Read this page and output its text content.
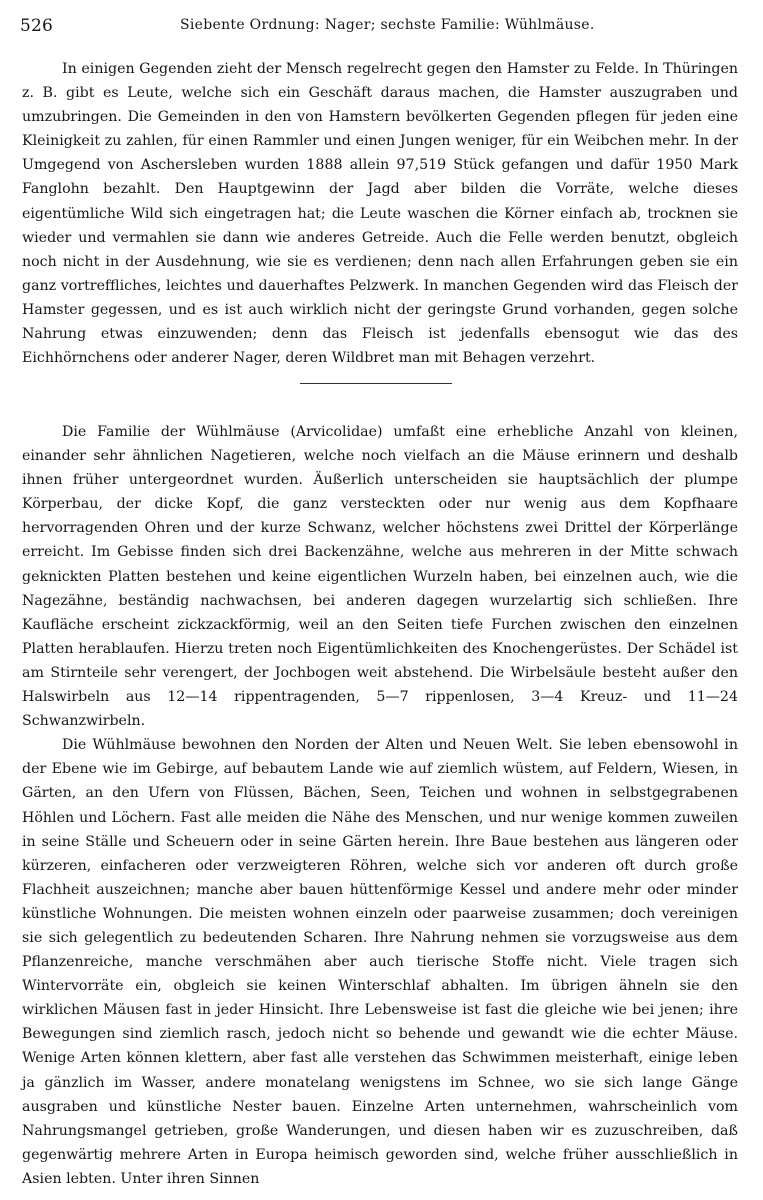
526	Siebente Ordnung: Nager; sechste Familie: Wühlmäuse.

In einigen Gegenden zieht der Mensch regelrecht gegen den Hamster zu Felde. In Thüringen z. B. gibt es Leute, welche sich ein Geschäft daraus machen, die Hamster auszugraben und umzubringen. Die Gemeinden in den von Hamstern bevölkerten Gegenden pflegen für jeden eine Kleinigkeit zu zahlen, für einen Rammler und einen Jungen weniger, für ein Weibchen mehr. In der Umgegend von Aschersleben wurden 1888 allein 97,519 Stück gefangen und dafür 1950 Mark Fanglohn bezahlt. Den Hauptgewinn der Jagd aber bilden die Vorräte, welche dieses eigentümliche Wild sich eingetragen hat; die Leute waschen die Körner einfach ab, trocknen sie wieder und vermahlen sie dann wie anderes Getreide. Auch die Felle werden benutzt, obgleich noch nicht in der Ausdehnung, wie sie es verdienen; denn nach allen Erfahrungen geben sie ein ganz vortreffliches, leichtes und dauerhaftes Pelzwerk. In manchen Gegenden wird das Fleisch der Hamster gegessen, und es ist auch wirklich nicht der geringste Grund vorhanden, gegen solche Nahrung etwas einzuwenden; denn das Fleisch ist jedenfalls ebensogut wie das des Eichhörnchens oder anderer Nager, deren Wildbret man mit Behagen verzehrt.

Die Familie der Wühlmäuse (Arvicolidae) umfaßt eine erhebliche Anzahl von kleinen, einander sehr ähnlichen Nagetieren, welche noch vielfach an die Mäuse erinnern und deshalb ihnen früher untergeordnet wurden. Äußerlich unterscheiden sie hauptsächlich der plumpe Körperbau, der dicke Kopf, die ganz versteckten oder nur wenig aus dem Kopfhaare hervorragenden Ohren und der kurze Schwanz, welcher höchstens zwei Drittel der Körperlänge erreicht. Im Gebisse finden sich drei Backenzähne, welche aus mehreren in der Mitte schwach geknickten Platten bestehen und keine eigentlichen Wurzeln haben, bei einzelnen auch, wie die Nagezähne, beständig nachwachsen, bei anderen dagegen wurzelartig sich schließen. Ihre Kaufläche erscheint zickzackförmig, weil an den Seiten tiefe Furchen zwischen den einzelnen Platten herablaufen. Hierzu treten noch Eigentümlichkeiten des Knochengerüstes. Der Schädel ist am Stirnteile sehr verengert, der Jochbogen weit abstehend. Die Wirbelsäule besteht außer den Halswirbeln aus 12—14 rippentragenden, 5—7 rippenlosen, 3—4 Kreuz- und 11—24 Schwanzwirbeln.

Die Wühlmäuse bewohnen den Norden der Alten und Neuen Welt. Sie leben ebensowohl in der Ebene wie im Gebirge, auf bebautem Lande wie auf ziemlich wüstem, auf Feldern, Wiesen, in Gärten, an den Ufern von Flüssen, Bächen, Seen, Teichen und wohnen in selbstgegrabenen Höhlen und Löchern. Fast alle meiden die Nähe des Menschen, und nur wenige kommen zuweilen in seine Ställe und Scheuern oder in seine Gärten herein. Ihre Baue bestehen aus längeren oder kürzeren, einfacheren oder verzweigteren Röhren, welche sich vor anderen oft durch große Flachheit auszeichnen; manche aber bauen hüttenförmige Kessel und andere mehr oder minder künstliche Wohnungen. Die meisten wohnen einzeln oder paarweise zusammen; doch vereinigen sie sich gelegentlich zu bedeutenden Scharen. Ihre Nahrung nehmen sie vorzugsweise aus dem Pflanzenreiche, manche verschmähen aber auch tierische Stoffe nicht. Viele tragen sich Wintervorräte ein, obgleich sie keinen Winterschlaf abhalten. Im übrigen ähneln sie den wirklichen Mäusen fast in jeder Hinsicht. Ihre Lebensweise ist fast die gleiche wie bei jenen; ihre Bewegungen sind ziemlich rasch, jedoch nicht so behende und gewandt wie die echter Mäuse. Wenige Arten können klettern, aber fast alle verstehen das Schwimmen meisterhaft, einige leben ja gänzlich im Wasser, andere monatelang wenigstens im Schnee, wo sie sich lange Gänge ausgraben und künstliche Nester bauen. Einzelne Arten unternehmen, wahrscheinlich vom Nahrungsmangel getrieben, große Wanderungen, und diesen haben wir es zuzuschreiben, daß gegenwärtig mehrere Arten in Europa heimisch geworden sind, welche früher ausschließlich in Asien lebten. Unter ihren Sinnen
